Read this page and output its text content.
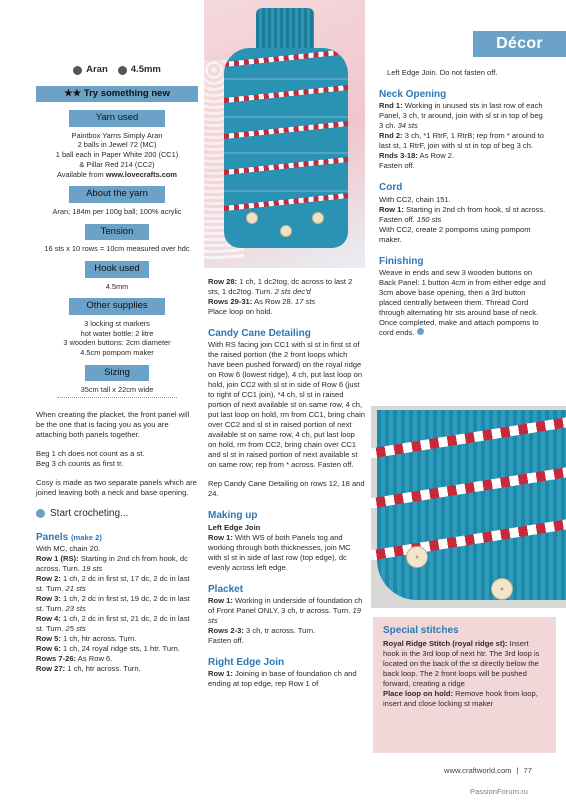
Décor
Aran 4.5mm
★★ Try something new
Yarn used
Paintbox Yarns Simply Aran
2 balls in Jewel 72 (MC)
1 ball each in Paper White 200 (CC1)
& Pillar Red 214 (CC2)
Available from www.lovecrafts.com
About the yarn
Aran; 184m per 100g ball; 100% acrylic
Tension
16 sts x 10 rows = 10cm measured over hdc
Hook used
4.5mm
Other supplies
3 locking st markers
hot water bottle: 2 litre
3 wooden buttons: 2cm diameter
4.5cm pompom maker
Sizing
35cm tall x 22cm wide

When creating the placket, the front panel will be the one that is facing you as you are attaching both panels together.

Beg 1 ch does not count as a st.
Beg 3 ch counts as first tr.

Cosy is made as two separate panels which are joined leaving both a neck and base opening.

Start crocheting...
Panels (make 2)

With MC, chain 20.

Row 1 (RS): Starting in 2nd ch from hook, dc across. Turn. 19 sts

Row 2: 1 ch, 2 dc in first st, 17 dc, 2 dc in last st. Turn. 21 sts

Row 3: 1 ch, 2 dc in first st, 19 dc, 2 dc in last st. Turn. 23 sts

Row 4: 1 ch, 2 dc in first st, 21 dc, 2 dc in last st. Turn. 25 sts

Row 5: 1 ch, htr across. Turn.

Row 6: 1 ch, 24 royal ridge sts, 1 htr. Turn.

Rows 7-26: As Row 6.

Row 27: 1 ch, htr across. Turn.

Row 28: 1 ch, 1 dc2tog, dc across to last 2 sts, 1 dc2tog. Turn. 2 sts dec'd

Rows 29-31: As Row 28. 17 sts

Place loop on hold.

Candy Cane Detailing

With RS facing join CC1 with sl st in first st of the raised portion (the 2 front loops which have been pushed forward) on the royal ridge on Row 6 (lowest ridge), 4 ch, put last loop on hold, join CC2 with sl st in side of Row 6 (just to right of CC1 join), *4 ch, sl st in raised portion of next available st on same row, 4 ch, put last loop on hold, rm from CC1, bring chain over CC2 and sl st in raised portion of next available st on same row, 4 ch, put last loop on hold, rm from CC2, bring chain over CC1 and sl st in raised portion of next available st on same row; rep from * across. Fasten off.

Rep Candy Cane Detailing on rows 12, 18 and 24.

Making up
Left Edge Join

Row 1: With WS of both Panels tog and working through both thicknesses, join MC with sl st in side of last row (top edge), dc evenly across left edge.

Placket

Row 1: Working in underside of foundation ch of Front Panel ONLY, 3 ch, tr across. Turn. 19 sts

Rows 2-3: 3 ch, tr across. Turn.

Fasten off.

Right Edge Join

Row 1: Joining in base of foundation ch and ending at top edge, rep Row 1 of

Left Edge Join. Do not fasten off.

Neck Opening

Rnd 1: Working in unused sts in last row of each Panel, 3 ch, tr around, join with sl st in top of beg 3 ch. 34 sts

Rnd 2: 3 ch, *1 RtrF, 1 RtrB; rep from * around to last st, 1 RtrF, join with sl st in top of beg 3 ch.

Rnds 3-18: As Row 2.

Fasten off.

Cord

With CC2, chain 151.

Row 1: Starting in 2nd ch from hook, sl st across. Fasten off. 150 sts

With CC2, create 2 pompoms using pompom maker.

Finishing

Weave in ends and sew 3 wooden buttons on Back Panel: 1 button 4cm in from either edge and 3cm above base opening, then a 3rd button placed centrally between them. Thread Cord through alternating htr sts around base of neck. Once completed, make and attach pompoms to cord ends.

Special stitches

Royal Ridge Stitch (royal ridge st): Insert hook in the 3rd loop of next htr. The 3rd loop is located on the back of the st directly below the back loop. The 2 front loops will be pushed forward, creating a ridge

Place loop on hold: Remove hook from loop, insert and close locking st maker

www.craftworld.com | 77
PassionForum.ru
